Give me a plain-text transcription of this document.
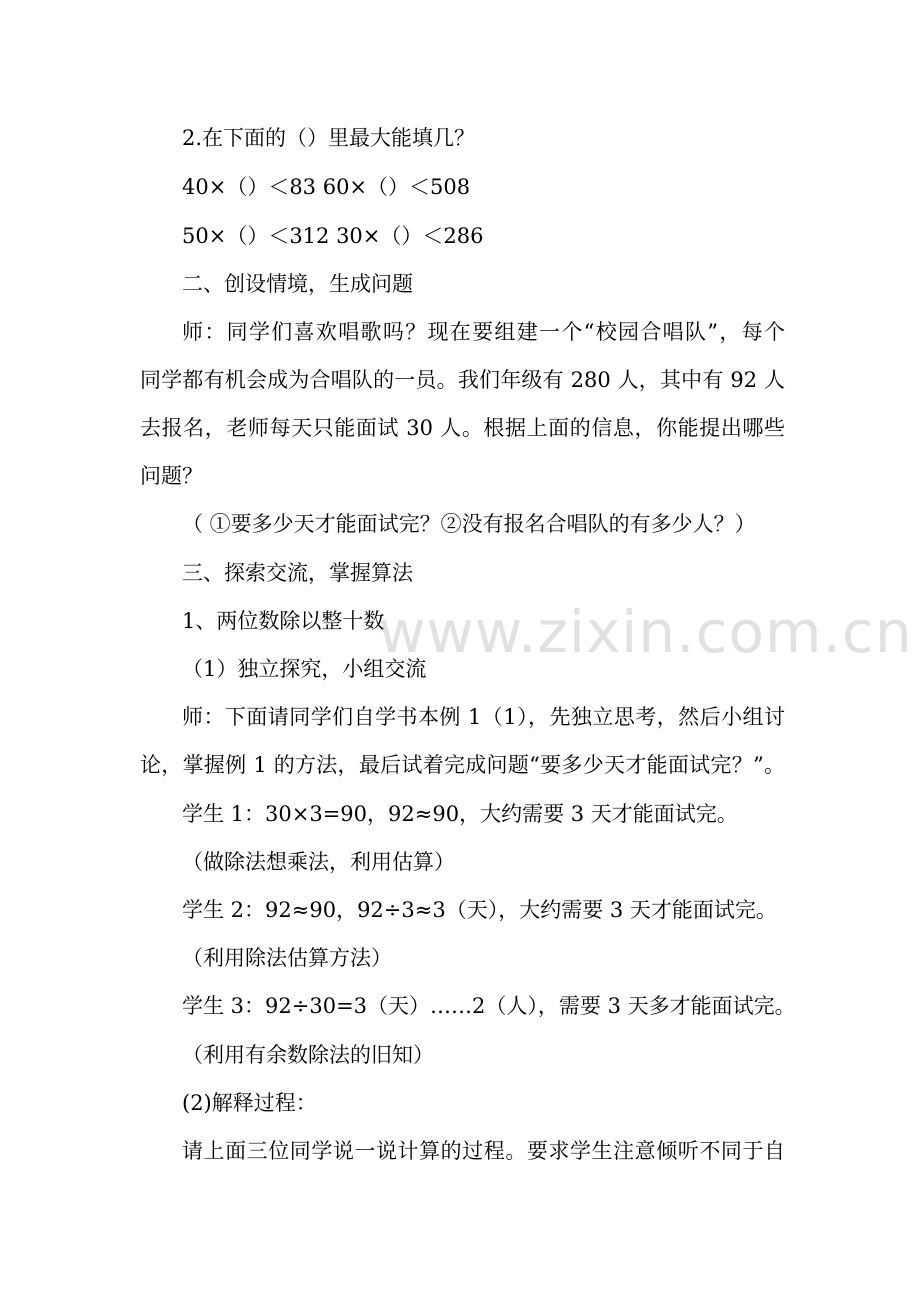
2.在下面的（）里最大能填几？
40×（）＜83 60×（）＜508
50×（）＜312 30×（）＜286
二、创设情境，生成问题
师：同学们喜欢唱歌吗？现在要组建一个“校园合唱队”，每个
同学都有机会成为合唱队的一员。我们年级有 280 人，其中有 92 人
去报名，老师每天只能面试 30 人。根据上面的信息，你能提出哪些
问题？
（ ①要多少天才能面试完？②没有报名合唱队的有多少人？）
三、探索交流，掌握算法
1、两位数除以整十数
（1）独立探究，小组交流
师：下面请同学们自学书本例 1（1），先独立思考，然后小组讨
论，掌握例 1 的方法，最后试着完成问题“要多少天才能面试完？”。
学生 1：30×3=90，92≈90，大约需要 3 天才能面试完。
（做除法想乘法，利用估算）
学生 2：92≈90，92÷3≈3（天），大约需要 3 天才能面试完。
（利用除法估算方法）
学生 3：92÷30=3（天）……2（人），需要 3 天多才能面试完。
（利用有余数除法的旧知）
(2)解释过程：
请上面三位同学说一说计算的过程。要求学生注意倾听不同于自
www.zixin.com.cn
